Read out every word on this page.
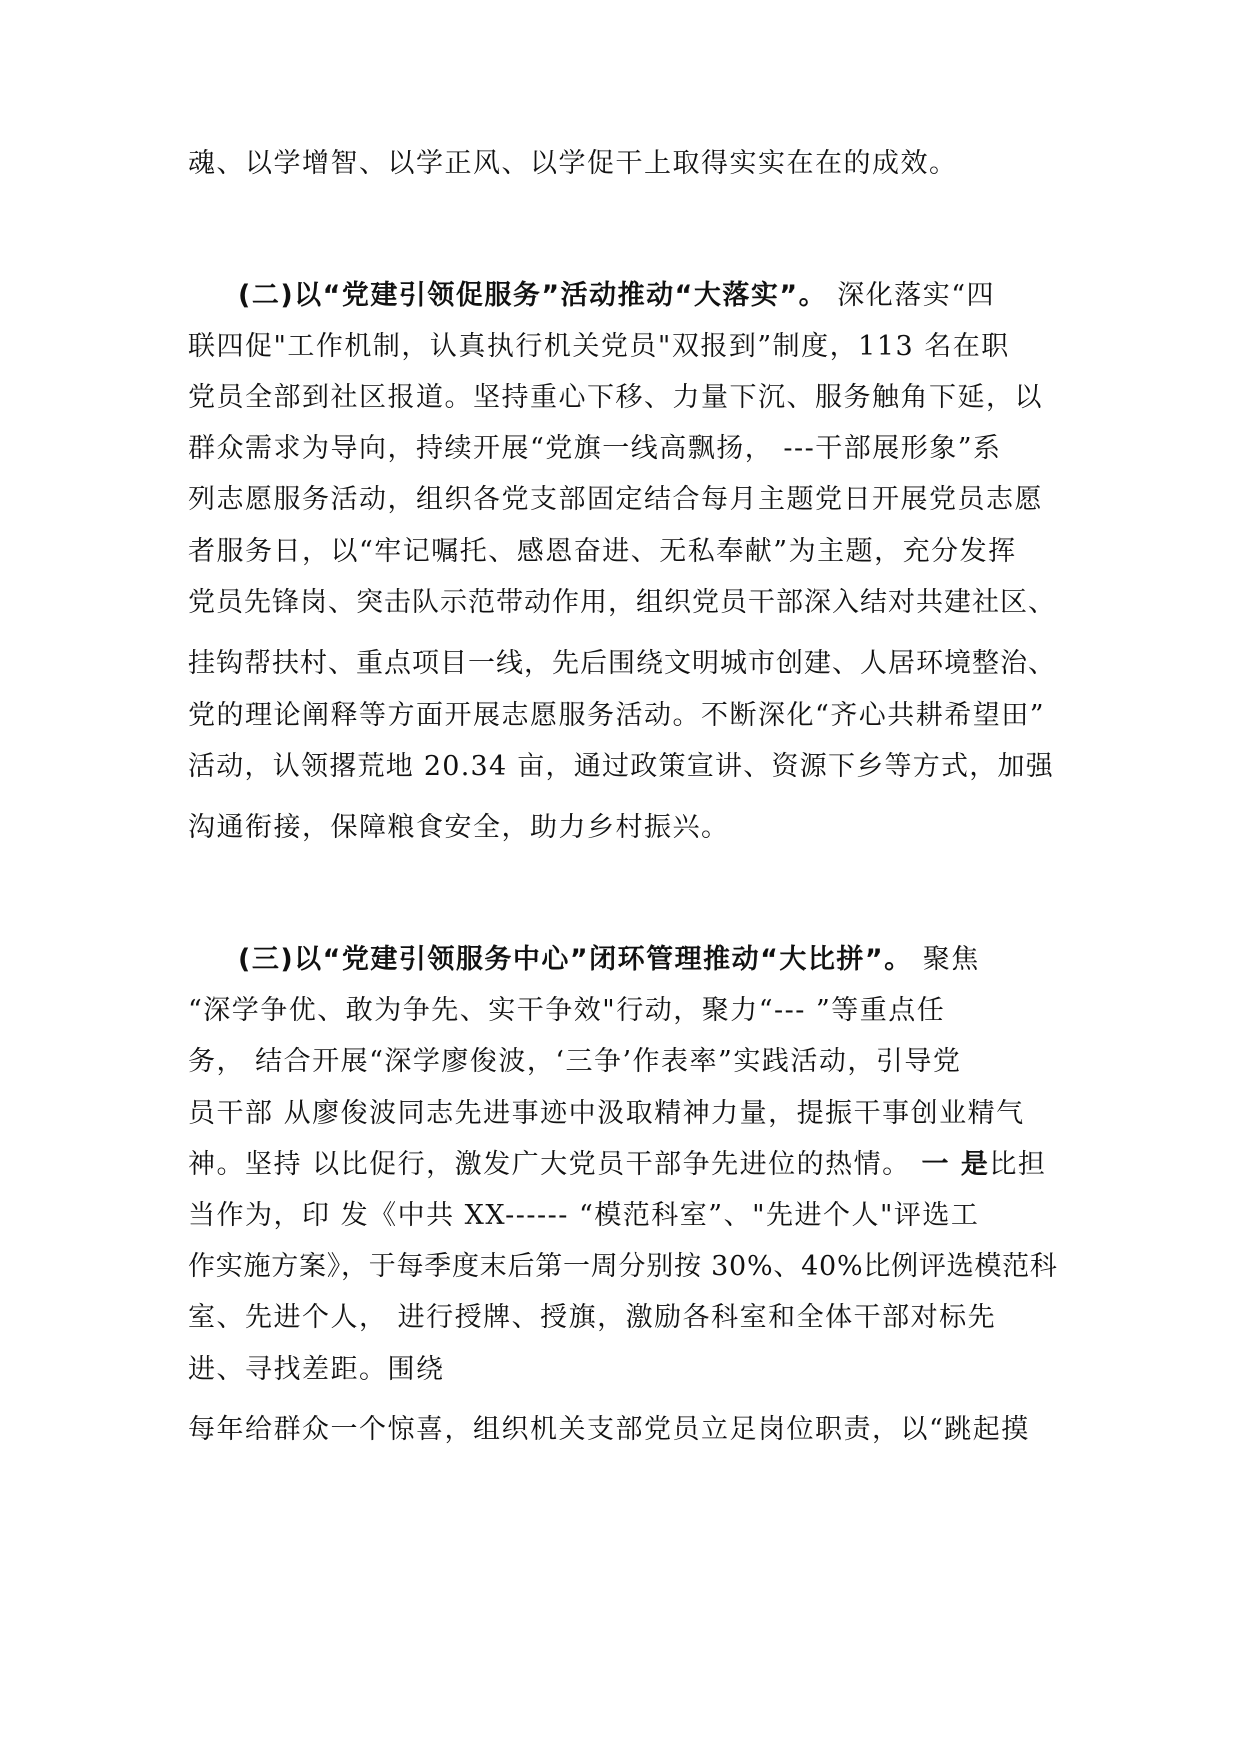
魂、以学增智、以学正风、以学促干上取得实实在在的成效。
(二)以“党建引领促服务”活动推动“大落实”。 深化落实“四
联四促"工作机制，认真执行机关党员"双报到”制度，113 名在职
党员全部到社区报道。坚持重心下移、力量下沉、服务触角下延，以
群众需求为导向，持续开展“党旗一线高飘扬， ---干部展形象”系
列志愿服务活动，组织各党支部固定结合每月主题党日开展党员志愿
者服务日，以“牢记嘱托、感恩奋进、无私奉献”为主题，充分发挥
党员先锋岗、突击队示范带动作用，组织党员干部深入结对共建社区、
挂钩帮扶村、重点项目一线，先后围绕文明城市创建、人居环境整治、
党的理论阐释等方面开展志愿服务活动。不断深化“齐心共耕希望田”
活动，认领撂荒地 20.34 亩，通过政策宣讲、资源下乡等方式，加强
沟通衔接，保障粮食安全，助力乡村振兴。
(三)以“党建引领服务中心”闭环管理推动“大比拼”。 聚焦
“深学争优、敢为争先、实干争效"行动，聚力“--- ”等重点任
务， 结合开展“深学廖俊波，‘三争’作表率”实践活动，引导党
员干部 从廖俊波同志先进事迹中汲取精神力量，提振干事创业精气
神。坚持 以比促行，激发广大党员干部争先进位的热情。 一 是比担
当作为，印 发《中共 XX------ “模范科室”、"先进个人"评选工
作实施方案》，于每季度末后第一周分别按 30%、40%比例评选模范科
室、先进个人， 进行授牌、授旗，激励各科室和全体干部对标先
进、寻找差距。围绕
每年给群众一个惊喜，组织机关支部党员立足岗位职责，以“跳起摸
